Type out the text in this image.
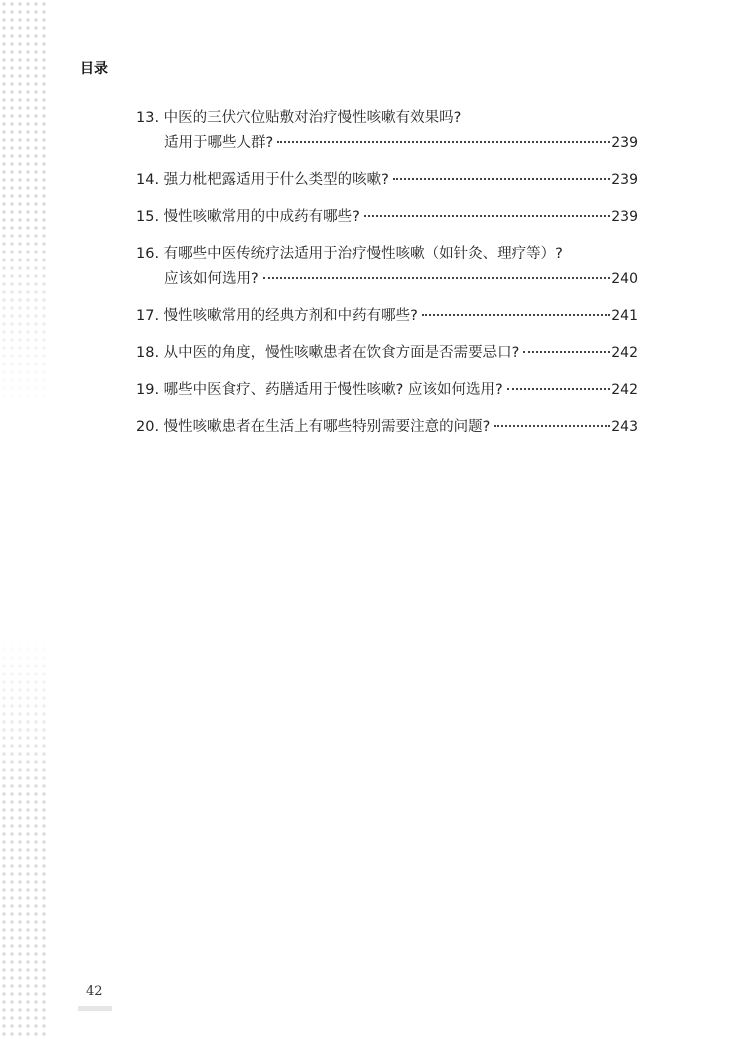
目录
13. 中医的三伏穴位贴敷对治疗慢性咳嗽有效果吗?
适用于哪些人群?	239
14. 强力枇杷露适用于什么类型的咳嗽?	239
15. 慢性咳嗽常用的中成药有哪些?	239
16. 有哪些中医传统疗法适用于治疗慢性咳嗽（如针灸、理疗等）?
应该如何选用?	240
17. 慢性咳嗽常用的经典方剂和中药有哪些?	241
18. 从中医的角度，慢性咳嗽患者在饮食方面是否需要忌口?	242
19. 哪些中医食疗、药膳适用于慢性咳嗽? 应该如何选用?	242
20. 慢性咳嗽患者在生活上有哪些特别需要注意的问题?	243
42
